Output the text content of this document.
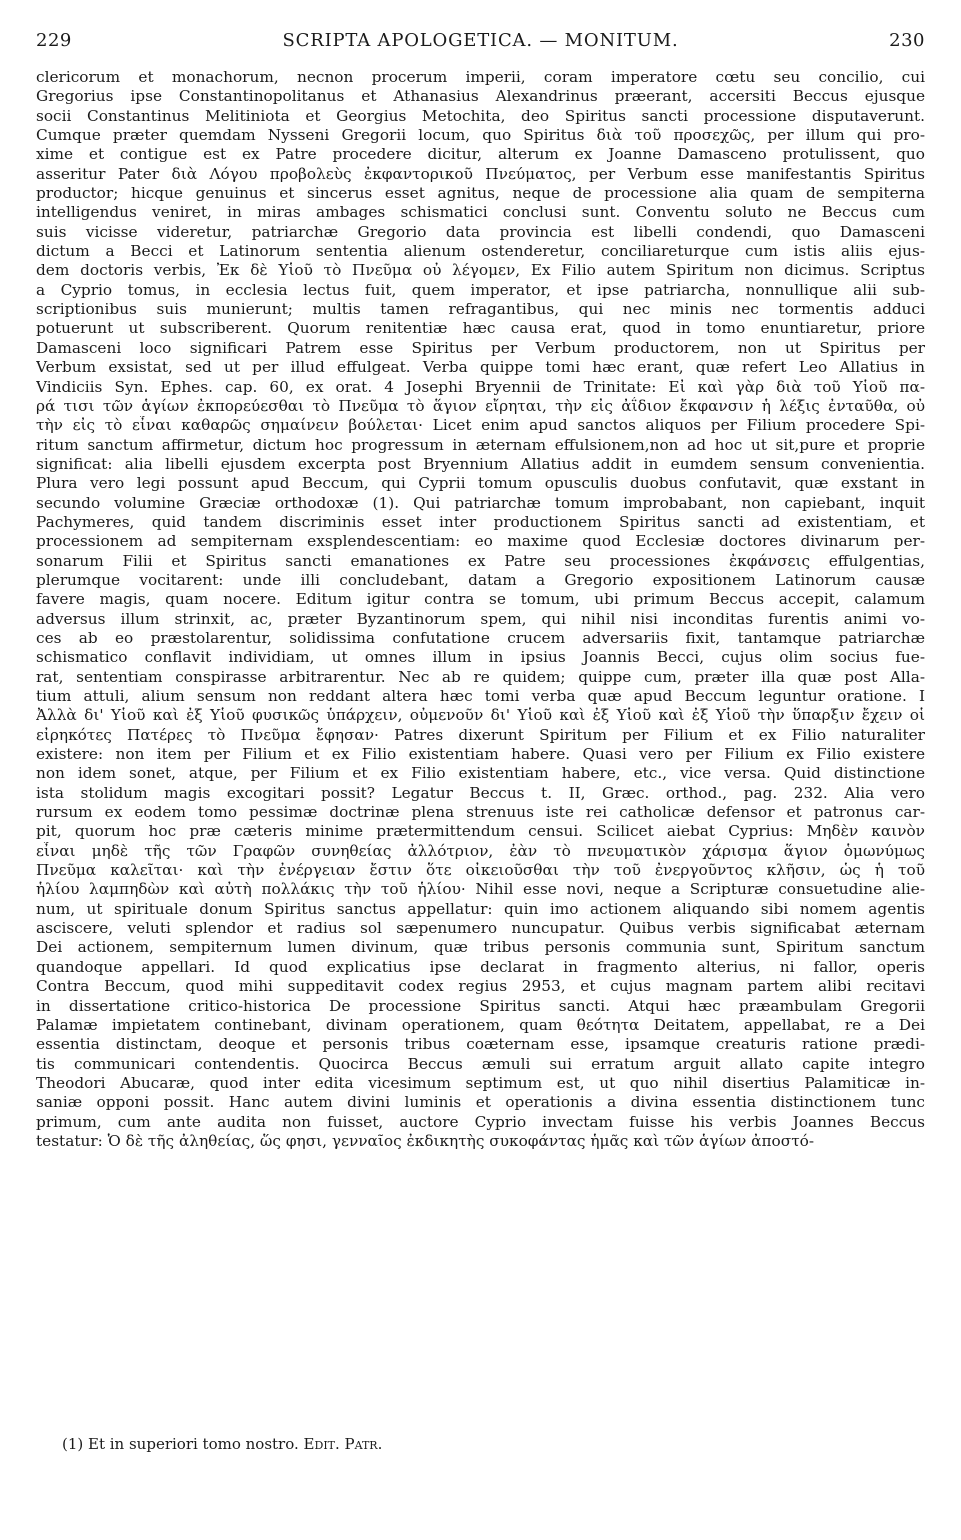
229	SCRIPTA APOLOGETICA. — MONITUM.	230
clericorum et monachorum, necnon procerum imperii, coram imperatore cœtu seu concilio, cui
Gregorius ipse Constantinopolitanus et Athanasius Alexandrinus præerant, accersiti Beccus ejusque
socii Constantinus Melitiniota et Georgius Metochita, deo Spiritus sancti processione disputaverunt.
Cumque præter quemdam Nysseni Gregorii locum, quo Spiritus διὰ τοῦ προσεχῶς, per illum qui pro-
xime et contigue est ex Patre procedere dicitur, alterum ex Joanne Damasceno protulissent, quo
asseritur Pater διὰ Λόγου προβολεὺς ἐκφαντορικοῦ Πνεύματος, per Verbum esse manifestantis Spiritus
productor; hicque genuinus et sincerus esset agnitus, neque de processione alia quam de sempiterna
intelligendus veniret, in miras ambages schismatici conclusi sunt. Conventu soluto ne Beccus cum
suis vicisse videretur, patriarchæ Gregorio data provincia est libelli condendi, quo Damasceni
dictum a Becci et Latinorum sententia alienum ostenderetur, conciliareturque cum istis aliis ejus-
dem doctoris verbis, Ἐκ δὲ Υἱοῦ τὸ Πνεῦμα οὐ λέγομεν, Ex Filio autem Spiritum non dicimus. Scriptus
a Cyprio tomus, in ecclesia lectus fuit, quem imperator, et ipse patriarcha, nonnullique alii sub-
scriptionibus suis munierunt; multis tamen refragantibus, qui nec minis nec tormentis adduci
potuerunt ut subscriberent. Quorum renitentiæ hæc causa erat, quod in tomo enuntiaretur, priore
Damasceni loco significari Patrem esse Spiritus per Verbum productorem, non ut Spiritus per
Verbum exsistat, sed ut per illud effulgeat. Verba quippe tomi hæc erant, quæ refert Leo Allatius in
Vindiciis Syn. Ephes. cap. 60, ex orat. 4 Josephi Bryennii de Trinitate: Εἰ καὶ γὰρ διὰ τοῦ Υἱοῦ πα-
ρά τισι τῶν ἁγίων ἐκπορεύεσθαι τὸ Πνεῦμα τὸ ἅγιον εἴρηται, τὴν εἰς ἀΐδιον ἔκφανσιν ἡ λέξις ἐνταῦθα, οὐ
τὴν εἰς τὸ εἶναι καθαρῶς σημαίνειν βούλεται· Licet enim apud sanctos aliquos per Filium procedere Spi-
ritum sanctum affirmetur, dictum hoc progressum in æternam effulsionem,non ad hoc ut sit,pure et proprie
significat: alia libelli ejusdem excerpta post Bryennium Allatius addit in eumdem sensum convenientia.
Plura vero legi possunt apud Beccum, qui Cyprii tomum opusculis duobus confutavit, quæ exstant in
secundo volumine Græciæ orthodoxæ (1). Qui patriarchæ tomum improbabant, non capiebant, inquit
Pachymeres, quid tandem discriminis esset inter productionem Spiritus sancti ad existentiam, et
processionem ad sempiternam exsplendescentiam: eo maxime quod Ecclesiæ doctores divinarum per-
sonarum Filii et Spiritus sancti emanationes ex Patre seu processiones ἐκφάνσεις effulgentias,
plerumque vocitarent: unde illi concludebant, datam a Gregorio expositionem Latinorum causæ
favere magis, quam nocere. Editum igitur contra se tomum, ubi primum Beccus accepit, calamum
adversus illum strinxit, ac, præter Byzantinorum spem, qui nihil nisi inconditas furentis animi vo-
ces ab eo præstolarentur, solidissima confutatione crucem adversariis fixit, tantamque patriarchæ
schismatico conflavit individiam, ut omnes illum in ipsius Joannis Becci, cujus olim socius fue-
rat, sententiam conspirasse arbitrarentur. Nec ab re quidem; quippe cum, præter illa quæ post Alla-
tium attuli, alium sensum non reddant altera hæc tomi verba quæ apud Beccum leguntur oratione. I
Ἀλλὰ δι' Υἱοῦ καὶ ἐξ Υἱοῦ φυσικῶς ὑπάρχειν, οὐμενοῦν δι' Υἱοῦ καὶ ἐξ Υἱοῦ καὶ ἐξ Υἱοῦ τὴν ὕπαρξιν ἔχειν οἱ
εἰρηκότες Πατέρες τὸ Πνεῦμα ἔφησαν· Patres dixerunt Spiritum per Filium et ex Filio naturaliter
existere: non item per Filium et ex Filio existentiam habere. Quasi vero per Filium ex Filio existere
non idem sonet, atque, per Filium et ex Filio existentiam habere, etc., vice versa. Quid distinctione
ista stolidum magis excogitari possit? Legatur Beccus t. II, Græc. orthod., pag. 232. Alia vero
rursum ex eodem tomo pessimæ doctrinæ plena strenuus iste rei catholicæ defensor et patronus car-
pit, quorum hoc præ cæteris minime prætermittendum censui. Scilicet aiebat Cyprius: Μηδὲν καινὸν
εἶναι μηδὲ τῆς τῶν Γραφῶν συνηθείας ἀλλότριον, ἐὰν τὸ πνευματικὸν χάρισμα ἅγιον ὁμωνύμως
Πνεῦμα καλεῖται· καὶ τὴν ἐνέργειαν ἔστιν ὅτε οἰκειοῦσθαι τὴν τοῦ ἐνεργοῦντος κλῆσιν, ὡς ἡ τοῦ
ἡλίου λαμπηδὼν καὶ αὐτὴ πολλάκις τὴν τοῦ ἡλίου· Nihil esse novi, neque a Scripturæ consuetudine alie-
num, ut spirituale donum Spiritus sanctus appellatur: quin imo actionem aliquando sibi nomem agentis
asciscere, veluti splendor et radius sol sæpenumero nuncupatur. Quibus verbis significabat æternam
Dei actionem, sempiternum lumen divinum, quæ tribus personis communia sunt, Spiritum sanctum
quandoque appellari. Id quod explicatius ipse declarat in fragmento alterius, ni fallor, operis
Contra Beccum, quod mihi suppeditavit codex regius 2953, et cujus magnam partem alibi recitavi
in dissertatione critico-historica De processione Spiritus sancti. Atqui hæc præambulam Gregorii
Palamæ impietatem continebant, divinam operationem, quam θεότητα Deitatem, appellabat, re a Dei
essentia distinctam, deoque et personis tribus coæternam esse, ipsamque creaturis ratione prædi-
tis communicari contendentis. Quocirca Beccus æmuli sui erratum arguit allato capite integro
Theodori Abucaræ, quod inter edita vicesimum septimum est, ut quo nihil disertius Palamiticæ in-
saniæ opponi possit. Hanc autem divini luminis et operationis a divina essentia distinctionem tunc
primum, cum ante audita non fuisset, auctore Cyprio invectam fuisse his verbis Joannes Beccus
testatur: Ὁ δὲ τῆς ἀληθείας, ὥς φησι, γενναῖος ἐκδικητὴς συκοφάντας ἡμᾶς καὶ τῶν ἁγίων ἀποστό-
(1) Et in superiori tomo nostro. Edit. Patr.
